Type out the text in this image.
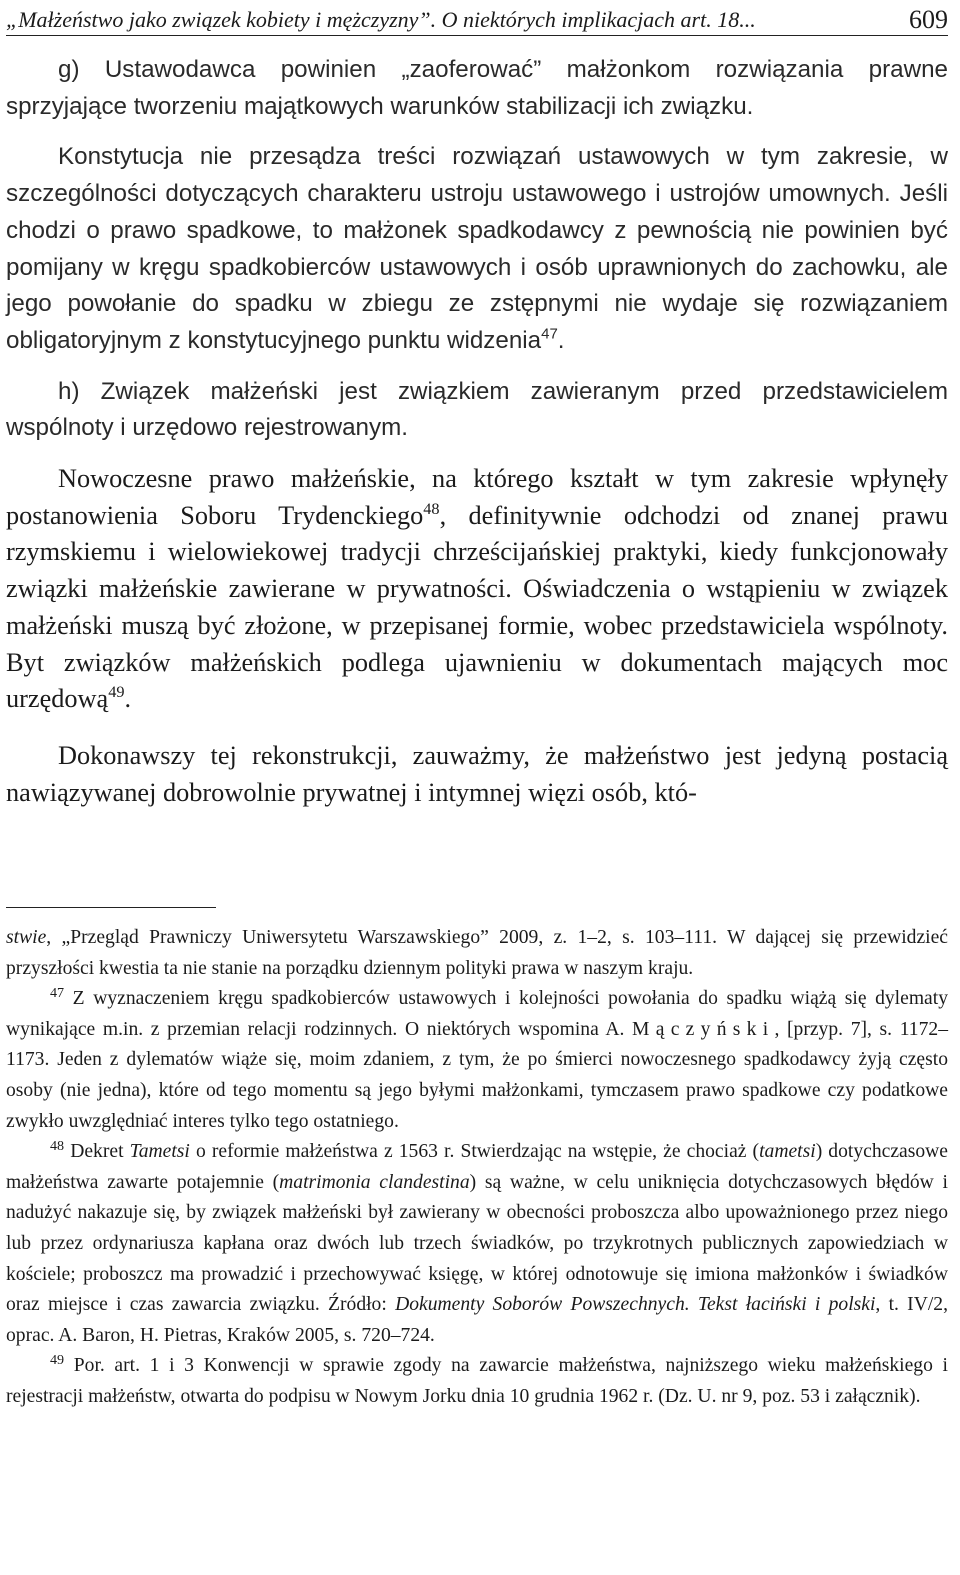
„Małżeństwo jako związek kobiety i mężczyzny”. O niektórych implikacjach art. 18...	609

g) Ustawodawca powinien „zaoferować” małżonkom rozwiązania prawne sprzyjające tworzeniu majątkowych warunków stabilizacji ich związku.

Konstytucja nie przesądza treści rozwiązań ustawowych w tym zakresie, w szczególności dotyczących charakteru ustroju ustawowego i ustrojów umownych. Jeśli chodzi o prawo spadkowe, to małżonek spadkodawcy z pewnością nie powinien być pomijany w kręgu spadkobierców ustawowych i osób uprawnionych do zachowku, ale jego powołanie do spadku w zbiegu ze zstępnymi nie wydaje się rozwiązaniem obligatoryjnym z konstytucyjnego punktu widzenia$^{47}$.

h) Związek małżeński jest związkiem zawieranym przed przedstawicielem wspólnoty i urzędowo rejestrowanym.

Nowoczesne prawo małżeńskie, na którego kształt w tym zakresie wpłynęły postanowienia Soboru Trydenckiego$^{48}$, definitywnie odchodzi od znanej prawu rzymskiemu i wielowiekowej tradycji chrześcijańskiej praktyki, kiedy funkcjonowały związki małżeńskie zawierane w prywatności. Oświadczenia o wstąpieniu w związek małżeński muszą być złożone, w przepisanej formie, wobec przedstawiciela wspólnoty. Byt związków małżeńskich podlega ujawnieniu w dokumentach mających moc urzędową$^{49}$.

Dokonawszy tej rekonstrukcji, zauważmy, że małżeństwo jest jedyną postacią nawiązywanej dobrowolnie prywatnej i intymnej więzi osób, któ-

stwie, „Przegląd Prawniczy Uniwersytetu Warszawskiego” 2009, z. 1–2, s. 103–111. W dającej się przewidzieć przyszłości kwestia ta nie stanie na porządku dziennym polityki prawa w naszym kraju.

$^{47}$ Z wyznaczeniem kręgu spadkobierców ustawowych i kolejności powołania do spadku wiążą się dylematy wynikające m.in. z przemian relacji rodzinnych. O niektórych wspomina A. Mączyński, [przyp. 7], s. 1172–1173. Jeden z dylematów wiąże się, moim zdaniem, z tym, że po śmierci nowoczesnego spadkodawcy żyją często osoby (nie jedna), które od tego momentu są jego byłymi małżonkami, tymczasem prawo spadkowe czy podatkowe zwykło uwzględniać interes tylko tego ostatniego.

$^{48}$ Dekret Tametsi o reformie małżeństwa z 1563 r. Stwierdzając na wstępie, że chociaż (tametsi) dotychczasowe małżeństwa zawarte potajemnie (matrimonia clandestina) są ważne, w celu uniknięcia dotychczasowych błędów i nadużyć nakazuje się, by związek małżeński był zawierany w obecności proboszcza albo upoważnionego przez niego lub przez ordynariusza kapłana oraz dwóch lub trzech świadków, po trzykrotnych publicznych zapowiedziach w kościele; proboszcz ma prowadzić i przechowywać księgę, w której odnotowuje się imiona małżonków i świadków oraz miejsce i czas zawarcia związku. Źródło: Dokumenty Soborów Powszechnych. Tekst łaciński i polski, t. IV/2, oprac. A. Baron, H. Pietras, Kraków 2005, s. 720–724.

$^{49}$ Por. art. 1 i 3 Konwencji w sprawie zgody na zawarcie małżeństwa, najniższego wieku małżeńskiego i rejestracji małżeństw, otwarta do podpisu w Nowym Jorku dnia 10 grudnia 1962 r. (Dz. U. nr 9, poz. 53 i załącznik).
